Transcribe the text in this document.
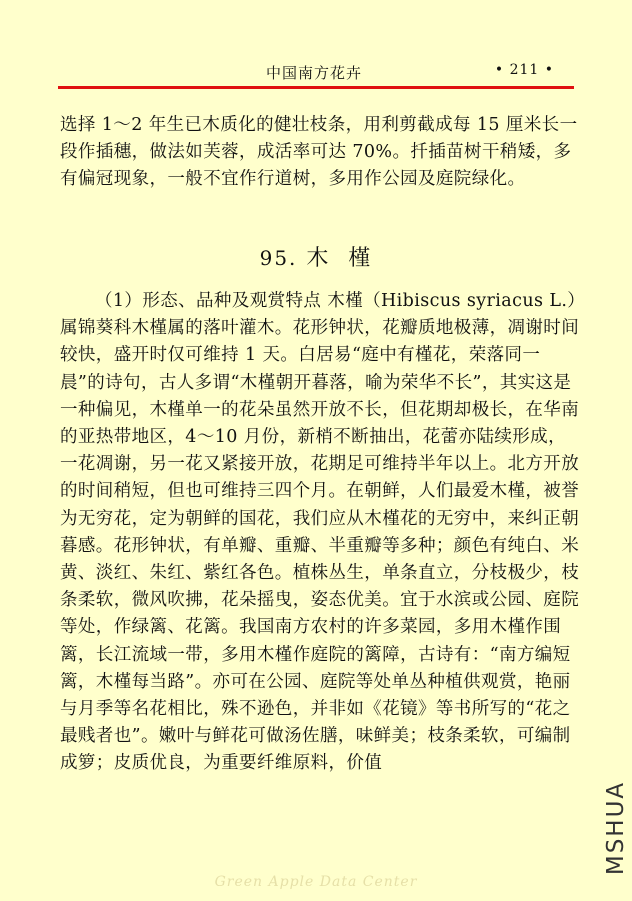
中国南方花卉	• 211 •

选择 1～2 年生已木质化的健壮枝条，用利剪截成每 15 厘米长一段作插穗，做法如芙蓉，成活率可达 70%。扦插苗树干稍矮，多有偏冠现象，一般不宜作行道树，多用作公园及庭院绿化。

95. 木  槿

（1）形态、品种及观赏特点 木槿（Hibiscus syriacus L.）属锦葵科木槿属的落叶灌木。花形钟状，花瓣质地极薄，凋谢时间较快，盛开时仅可维持 1 天。白居易“庭中有槿花，荣落同一晨”的诗句，古人多谓“木槿朝开暮落，喻为荣华不长”，其实这是一种偏见，木槿单一的花朵虽然开放不长，但花期却极长，在华南的亚热带地区，4～10 月份，新梢不断抽出，花蕾亦陆续形成，一花凋谢，另一花又紧接开放，花期足可维持半年以上。北方开放的时间稍短，但也可维持三四个月。在朝鲜，人们最爱木槿，被誉为无穷花，定为朝鲜的国花，我们应从木槿花的无穷中，来纠正朝暮感。花形钟状，有单瓣、重瓣、半重瓣等多种；颜色有纯白、米黄、淡红、朱红、紫红各色。植株丛生，单条直立，分枝极少，枝条柔软，微风吹拂，花朵摇曳，姿态优美。宜于水滨或公园、庭院等处，作绿篱、花篱。我国南方农村的许多菜园，多用木槿作围篱，长江流域一带，多用木槿作庭院的篱障，古诗有：“南方编短篱，木槿每当路”。亦可在公园、庭院等处单丛种植供观赏，艳丽与月季等名花相比，殊不逊色，并非如《花镜》等书所写的“花之最贱者也”。嫩叶与鲜花可做汤佐膳，味鲜美；枝条柔软，可编制成箩；皮质优良，为重要纤维原料，价值

MSHUA
Green Apple Data Center
